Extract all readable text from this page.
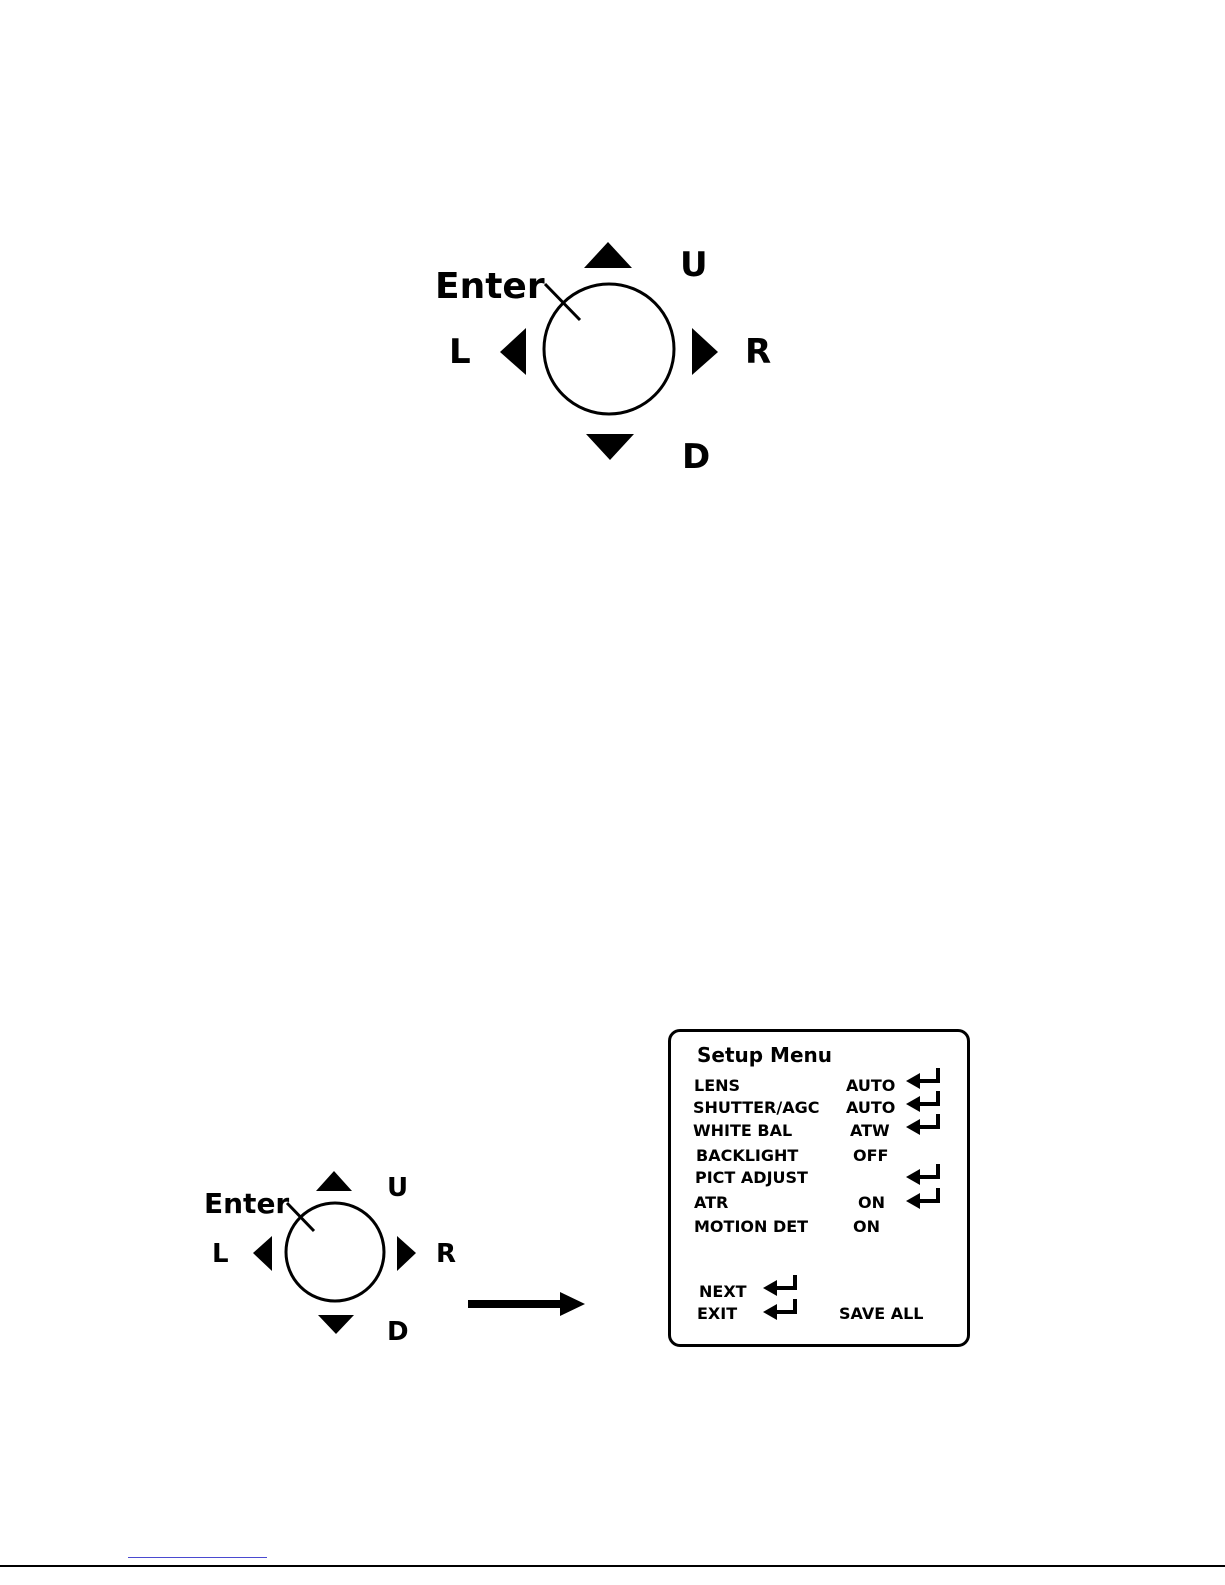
Enter
U
D
L	R
Enter	U
D
L	R
Setup Menu
LENS	AUTO
SHUTTER/AGC AUTO
WHITE BAL	ATW
BACKLIGHT	OFF
PICT ADJUST
ATR	ON
MOTION DET	ON
NEXT
EXIT	SAVE ALL
